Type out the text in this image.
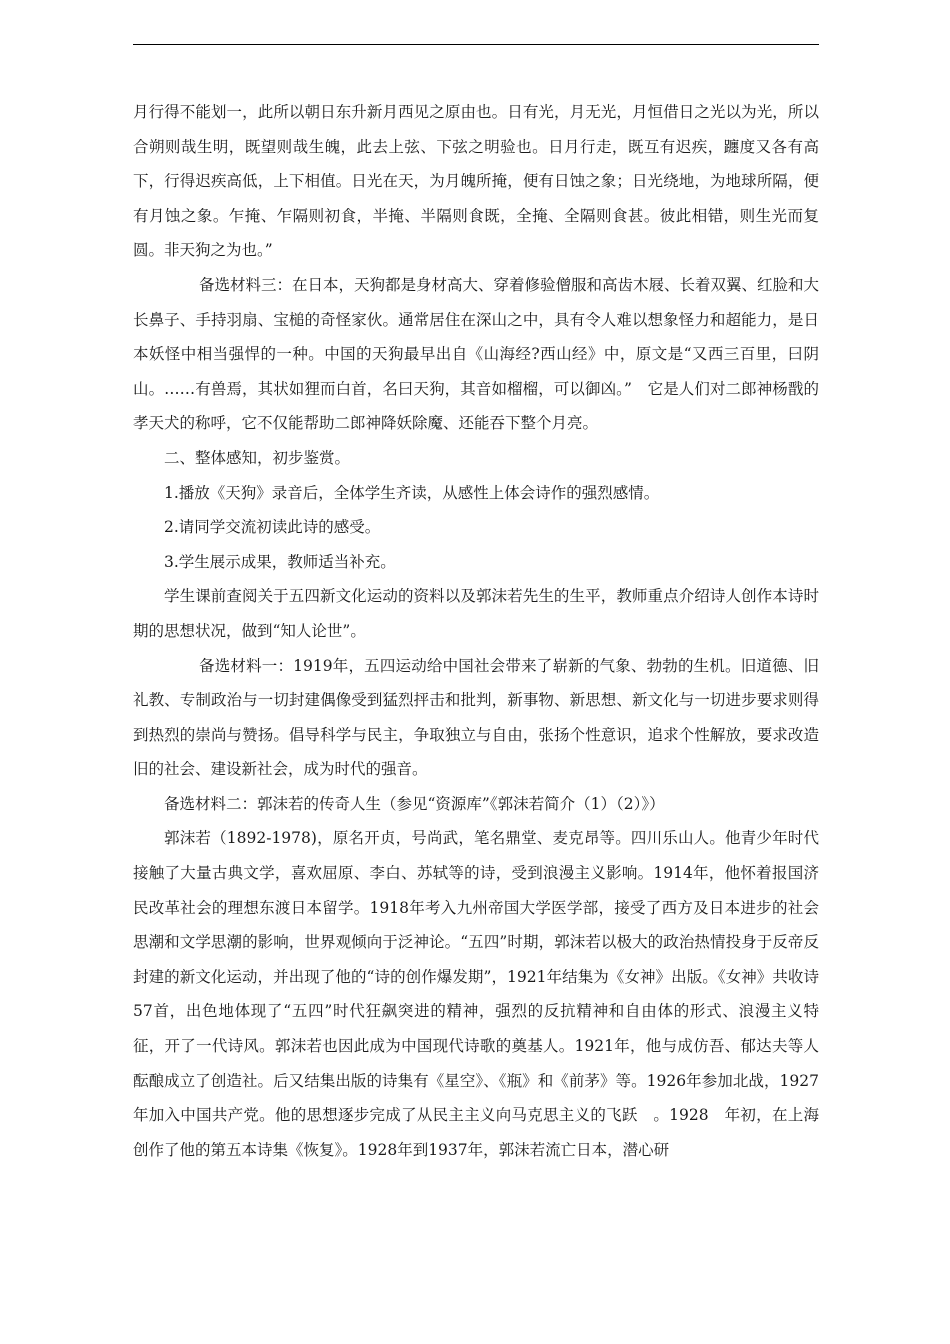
月行得不能划一，此所以朝日东升新月西见之原由也。日有光，月无光，月恒借日之光以为光，所以合朔则哉生明，既望则哉生魄，此去上弦、下弦之明验也。日月行走，既互有迟疾，躔度又各有高下，行得迟疾高低，上下相值。日光在天，为月魄所掩，便有日蚀之象；日光绕地，为地球所隔，便有月蚀之象。乍掩、乍隔则初食，半掩、半隔则食既，全掩、全隔则食甚。彼此相错，则生光而复圆。非天狗之为也。”

备选材料三：在日本，天狗都是身材高大、穿着修验僧服和高齿木屐、长着双翼、红脸和大长鼻子、手持羽扇、宝槌的奇怪家伙。通常居住在深山之中，具有令人难以想象怪力和超能力，是日本妖怪中相当强悍的一种。中国的天狗最早出自《山海经?西山经》中，原文是“又西三百里，曰阴山。……有兽焉，其状如狸而白首，名曰天狗，其音如榴榴，可以御凶。”　它是人们对二郎神杨戬的孝天犬的称呼，它不仅能帮助二郎神降妖除魔、还能吞下整个月亮。

二、整体感知，初步鉴赏。

1.播放《天狗》录音后，全体学生齐读，从感性上体会诗作的强烈感情。

2.请同学交流初读此诗的感受。

3.学生展示成果，教师适当补充。

学生课前查阅关于五四新文化运动的资料以及郭沫若先生的生平，教师重点介绍诗人创作本诗时期的思想状况，做到“知人论世”。

备选材料一：1919年，五四运动给中国社会带来了崭新的气象、勃勃的生机。旧道德、旧礼教、专制政治与一切封建偶像受到猛烈抨击和批判，新事物、新思想、新文化与一切进步要求则得到热烈的崇尚与赞扬。倡导科学与民主，争取独立与自由，张扬个性意识，追求个性解放，要求改造旧的社会、建设新社会，成为时代的强音。

备选材料二：郭沫若的传奇人生（参见“资源库”《郭沫若简介（1）（2）》）

郭沫若（1892-1978)，原名开贞，号尚武，笔名鼎堂、麦克昂等。四川乐山人。他青少年时代接触了大量古典文学，喜欢屈原、李白、苏轼等的诗，受到浪漫主义影响。1914年，他怀着报国济民改革社会的理想东渡日本留学。1918年考入九州帝国大学医学部，接受了西方及日本进步的社会思潮和文学思潮的影响，世界观倾向于泛神论。“五四”时期，郭沫若以极大的政治热情投身于反帝反封建的新文化运动，并出现了他的“诗的创作爆发期”，1921年结集为《女神》出版。《女神》共收诗57首，出色地体现了“五四”时代狂飙突进的精神，强烈的反抗精神和自由体的形式、浪漫主义特征，开了一代诗风。郭沫若也因此成为中国现代诗歌的奠基人。1921年，他与成仿吾、郁达夫等人酝酿成立了创造社。后又结集出版的诗集有《星空》、《瓶》和《前茅》等。1926年参加北战，1927年加入中国共产党。他的思想逐步完成了从民主主义向马克思主义的飞跃　。1928　年初，在上海创作了他的第五本诗集《恢复》。1928年到1937年，郭沫若流亡日本，潜心研
